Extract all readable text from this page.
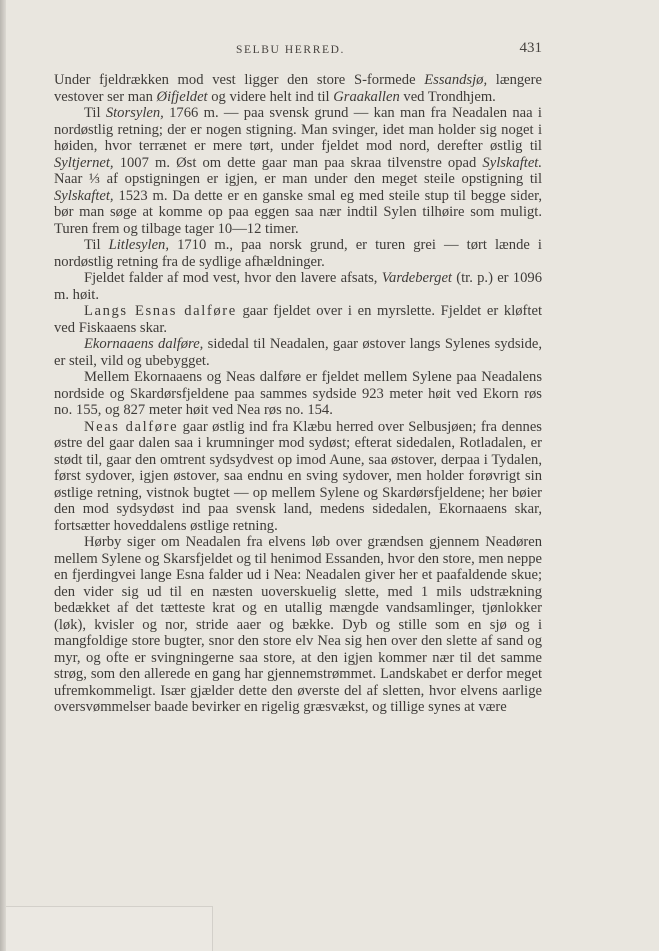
SELBU HERRED.	431

Under fjeldrækken mod vest ligger den store S-formede Essandsjø, længere vestover ser man Øifjeldet og videre helt ind til Graakallen ved Trondhjem.

Til Storsylen, 1766 m. — paa svensk grund — kan man fra Neadalen naa i nordøstlig retning; der er nogen stigning. Man svinger, idet man holder sig noget i høiden, hvor terrænet er mere tørt, under fjeldet mod nord, derefter østlig til Syltjernet, 1007 m. Øst om dette gaar man paa skraa tilvenstre opad Sylskaftet. Naar ⅓ af opstigningen er igjen, er man under den meget steile opstigning til Sylskaftet, 1523 m. Da dette er en ganske smal eg med steile stup til begge sider, bør man søge at komme op paa eggen saa nær indtil Sylen tilhøire som muligt. Turen frem og tilbage tager 10—12 timer.

Til Litlesylen, 1710 m., paa norsk grund, er turen grei — tørt lænde i nordøstlig retning fra de sydlige afhældninger.

Fjeldet falder af mod vest, hvor den lavere afsats, Vardeberget (tr. p.) er 1096 m. høit.

Langs Esnas dalføre gaar fjeldet over i en myrslette. Fjeldet er kløftet ved Fiskaaens skar.

Ekornaaens dalføre, sidedal til Neadalen, gaar østover langs Sylenes sydside, er steil, vild og ubebygget.

Mellem Ekornaaens og Neas dalføre er fjeldet mellem Sylene paa Neadalens nordside og Skardørsfjeldene paa sammes sydside 923 meter høit ved Ekorn røs no. 155, og 827 meter høit ved Nea røs no. 154.

Neas dalføre gaar østlig ind fra Klæbu herred over Selbusjøen; fra dennes østre del gaar dalen saa i krumninger mod sydøst; efterat sidedalen, Rotladalen, er stødt til, gaar den omtrent sydsydvest op imod Aune, saa østover, derpaa i Tydalen, først sydover, igjen østover, saa endnu en sving sydover, men holder forøvrigt sin østlige retning, vistnok bugtet — op mellem Sylene og Skardørsfjeldene; her bøier den mod sydsydøst ind paa svensk land, medens sidedalen, Ekornaaens skar, fortsætter hoveddalens østlige retning.

Hørby siger om Neadalen fra elvens løb over grændsen gjennem Neadøren mellem Sylene og Skarsfjeldet og til henimod Essanden, hvor den store, men neppe en fjerdingvei lange Esna falder ud i Nea: Neadalen giver her et paafaldende skue; den vider sig ud til en næsten uoverskuelig slette, med 1 mils udstrækning bedækket af det tætteste krat og en utallig mængde vandsamlinger, tjønlokker (løk), kvisler og nor, stride aaer og bække. Dyb og stille som en sjø og i mangfoldige store bugter, snor den store elv Nea sig hen over den slette af sand og myr, og ofte er svingningerne saa store, at den igjen kommer nær til det samme strøg, som den allerede en gang har gjennemstrømmet. Landskabet er derfor meget ufremkommeligt. Især gjælder dette den øverste del af sletten, hvor elvens aarlige oversvømmelser baade bevirker en rigelig græsvækst, og tillige synes at være
